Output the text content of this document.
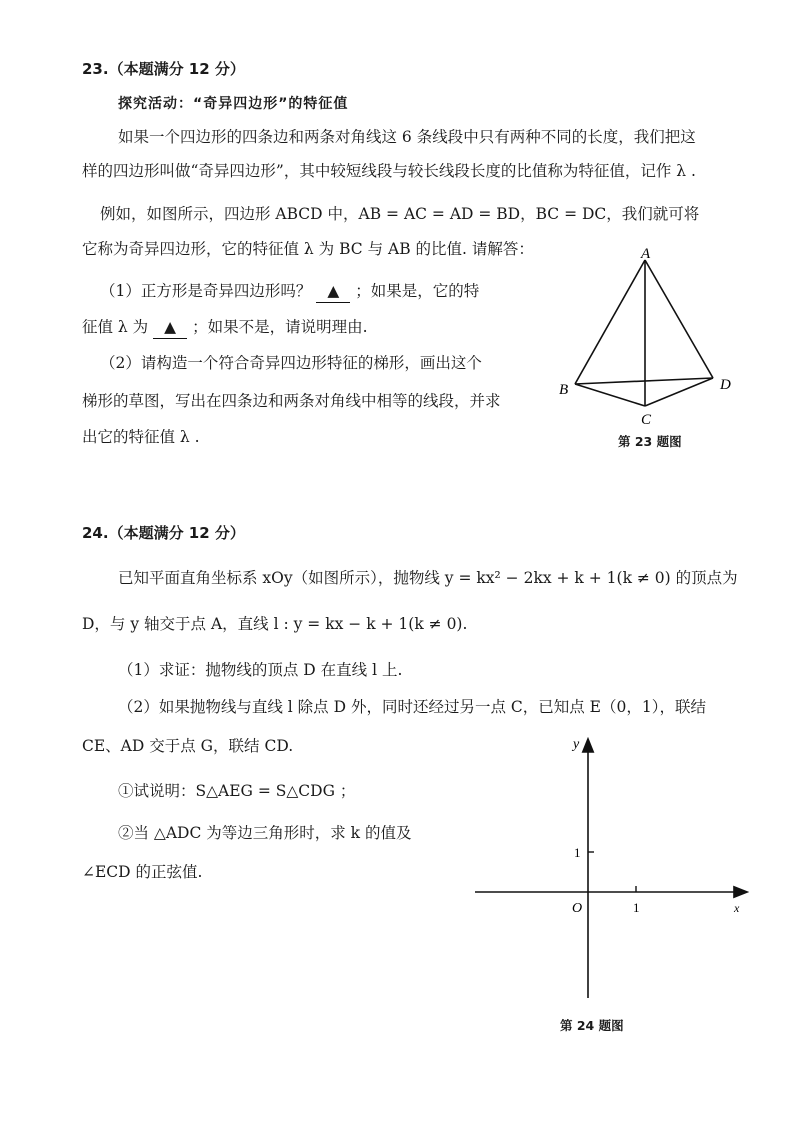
23.（本题满分 12 分）
探究活动：“奇异四边形”的特征值
如果一个四边形的四条边和两条对角线这 6 条线段中只有两种不同的长度，我们把这
样的四边形叫做“奇异四边形”，其中较短线段与较长线段长度的比值称为特征值，记作 λ .
例如，如图所示，四边形 ABCD 中，AB = AC = AD = BD，BC = DC，我们就可将
它称为奇异四边形，它的特征值 λ 为 BC 与 AB 的比值. 请解答：
（1）正方形是奇异四边形吗？ ▲ ；如果是，它的特
征值 λ 为 ▲ ；如果不是，请说明理由.
（2）请构造一个符合奇异四边形特征的梯形，画出这个
梯形的草图，写出在四条边和两条对角线中相等的线段，并求
出它的特征值 λ .
A
B
C
D
第 23 题图
24.（本题满分 12 分）
已知平面直角坐标系 xOy（如图所示），抛物线 y = kx² − 2kx + k + 1(k ≠ 0) 的顶点为
D，与 y 轴交于点 A，直线 l : y = kx − k + 1(k ≠ 0).
（1）求证：抛物线的顶点 D 在直线 l 上.
（2）如果抛物线与直线 l 除点 D 外，同时还经过另一点 C，已知点 E（0，1），联结
CE、AD 交于点 G，联结 CD.
①试说明：S△AEG = S△CDG ；
②当 △ADC 为等边三角形时，求 k 的值及
∠ECD 的正弦值.
y
x
O
1
1
第 24 题图
